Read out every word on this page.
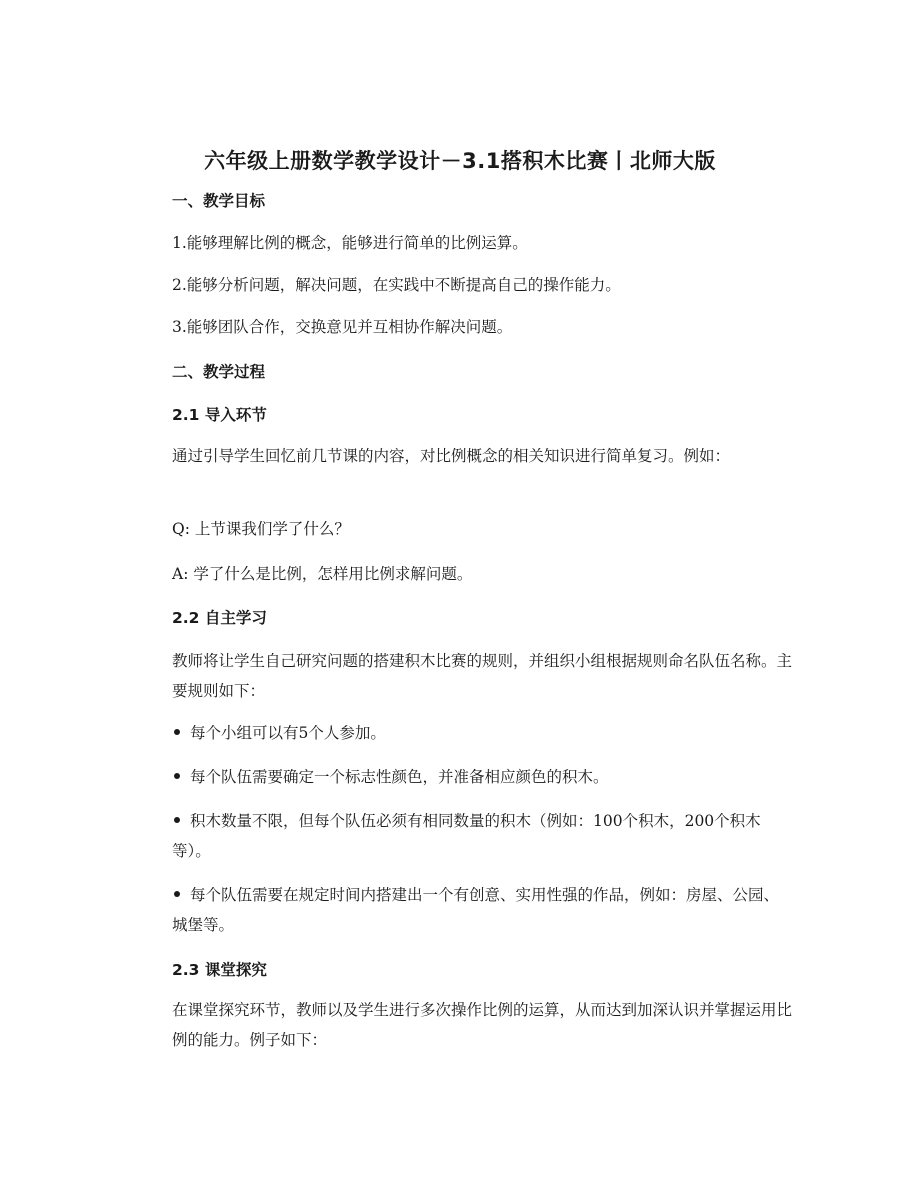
六年级上册数学教学设计－3.1搭积木比赛丨北师大版
一、教学目标

1.能够理解比例的概念，能够进行简单的比例运算。

2.能够分析问题，解决问题，在实践中不断提高自己的操作能力。

3.能够团队合作，交换意见并互相协作解决问题。

二、教学过程
2.1 导入环节

通过引导学生回忆前几节课的内容，对比例概念的相关知识进行简单复习。例如：

Q: 上节课我们学了什么？

A: 学了什么是比例，怎样用比例求解问题。

2.2 自主学习

教师将让学生自己研究问题的搭建积木比赛的规则，并组织小组根据规则命名队伍名称。主要规则如下：

每个小组可以有5个人参加。

每个队伍需要确定一个标志性颜色，并准备相应颜色的积木。

积木数量不限，但每个队伍必须有相同数量的积木（例如：100个积木，200个积木等）。

每个队伍需要在规定时间内搭建出一个有创意、实用性强的作品，例如：房屋、公园、城堡等。

2.3 课堂探究

在课堂探究环节，教师以及学生进行多次操作比例的运算，从而达到加深认识并掌握运用比例的能力。例子如下：
